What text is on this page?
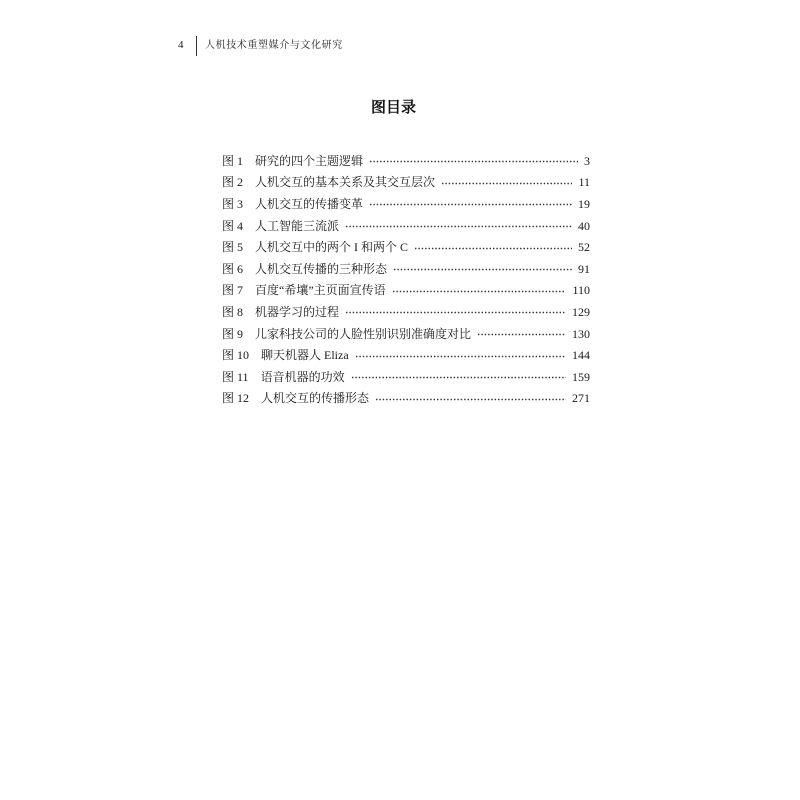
4 人机技术重塑媒介与文化研究
图目录
图 1 研究的四个主题逻辑	3
图 2 人机交互的基本关系及其交互层次	11
图 3 人机交互的传播变革	19
图 4 人工智能三流派	40
图 5 人机交互中的两个 I 和两个 C	52
图 6 人机交互传播的三种形态	91
图 7 百度“希壤”主页面宣传语	110
图 8 机器学习的过程	129
图 9 儿家科技公司的人脸性别识别准确度对比	130
图 10 聊天机器人 Eliza	144
图 11 语音机器的功效	159
图 12 人机交互的传播形态	271
